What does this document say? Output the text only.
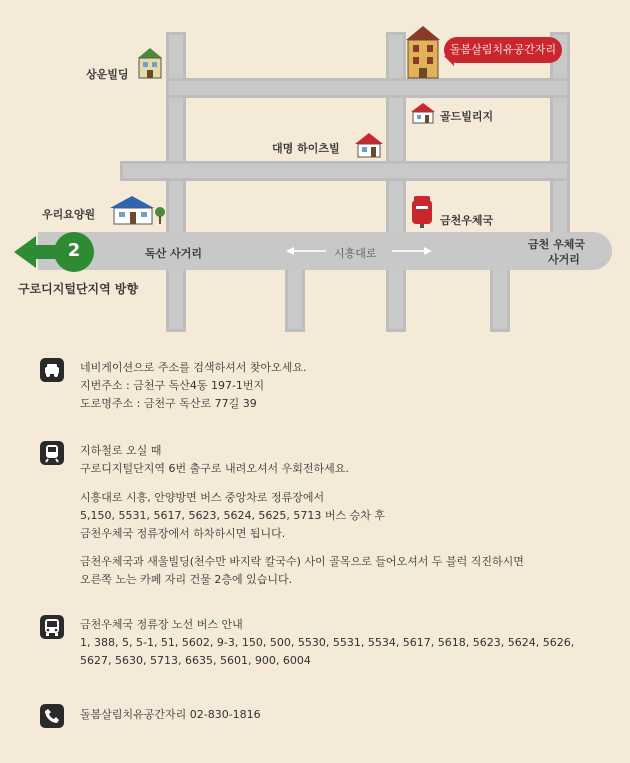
2
구로디지털단지역 방향
독산 사거리	시흥대로
금천 우체국
사거리
상운빌딩
돌봄살림치유공간자리
골드빌리지
대명 하이츠빌
우리요양원	금천우체국
네비게이션으로 주소를 검색하셔서 찾아오세요.
지번주소 : 금천구 독산4동 197-1번지
도로명주소 : 금천구 독산로 77길 39
지하철로 오실 때
구로디지털단지역 6번 출구로 내려오셔서 우회전하세요.
시흥대로 시흥, 안양방면 버스 중앙차로 정류장에서
5,150, 5531, 5617, 5623, 5624, 5625, 5713 버스 승차 후
금천우체국 정류장에서 하차하시면 됩니다.
금천우체국과 새울빌딩(천수만 바지락 칼국수) 사이 골목으로 들어오셔서 두 블럭 직진하시면
오른쪽 노는 카페 자리 건물 2층에 있습니다.
금천우체국 정류장 노선 버스 안내
1, 388, 5, 5-1, 51, 5602, 9-3, 150, 500, 5530, 5531, 5534, 5617, 5618, 5623, 5624, 5626,
5627, 5630, 5713, 6635, 5601, 900, 6004
돌봄살림치유공간자리 02-830-1816
